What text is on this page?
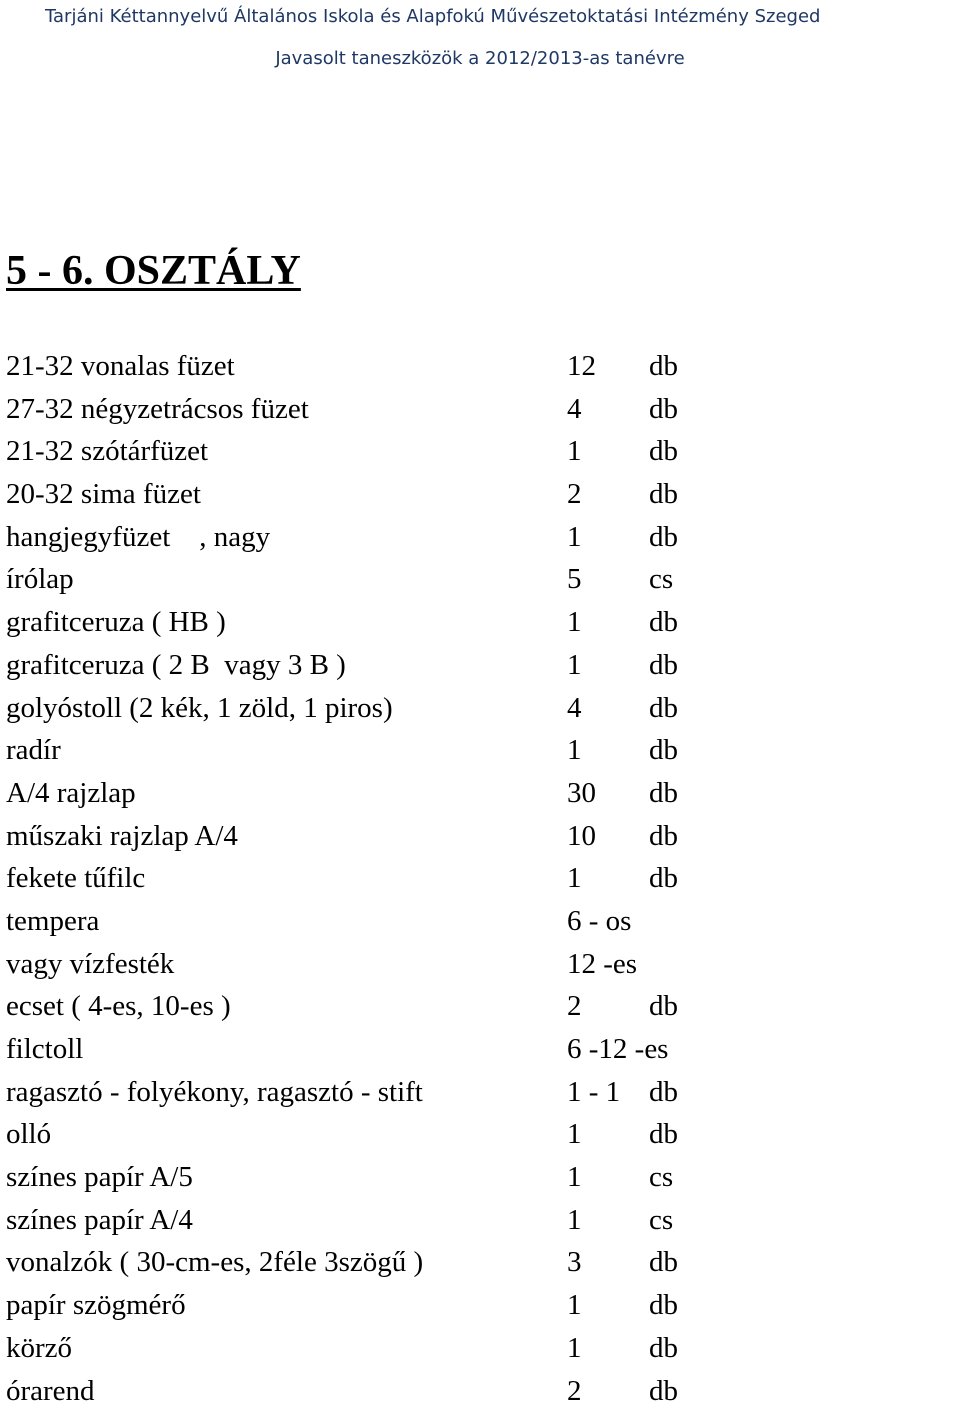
Tarjáni Kéttannyelvű Általános Iskola és Alapfokú Művészetoktatási Intézmény Szeged
Javasolt taneszközök a 2012/2013-as tanévre
5 - 6. OSZTÁLY
21-32 vonalas füzet	12 db
27-32 négyzetrácsos füzet	4 db
21-32 szótárfüzet	1 db
20-32 sima füzet	2 db
hangjegyfüzet    , nagy	1 db
írólap	5 cs
grafitceruza ( HB )	1 db
grafitceruza ( 2 B  vagy 3 B )	1 db
golyóstoll (2 kék, 1 zöld, 1 piros)	4 db
radír	1 db
A/4 rajzlap	30 db
műszaki rajzlap A/4	10 db
fekete tűfilc	1 db
tempera	6 - os
vagy vízfesték	12 -es
ecset ( 4-es, 10-es )	2 db
filctoll	6 -12 -es
ragasztó - folyékony, ragasztó - stift	1 - 1 db
olló	1 db
színes papír A/5	1 cs
színes papír A/4	1 cs
vonalzók ( 30-cm-es, 2féle 3szögű )	3 db
papír szögmérő	1 db
körző	1 db
órarend	2 db
